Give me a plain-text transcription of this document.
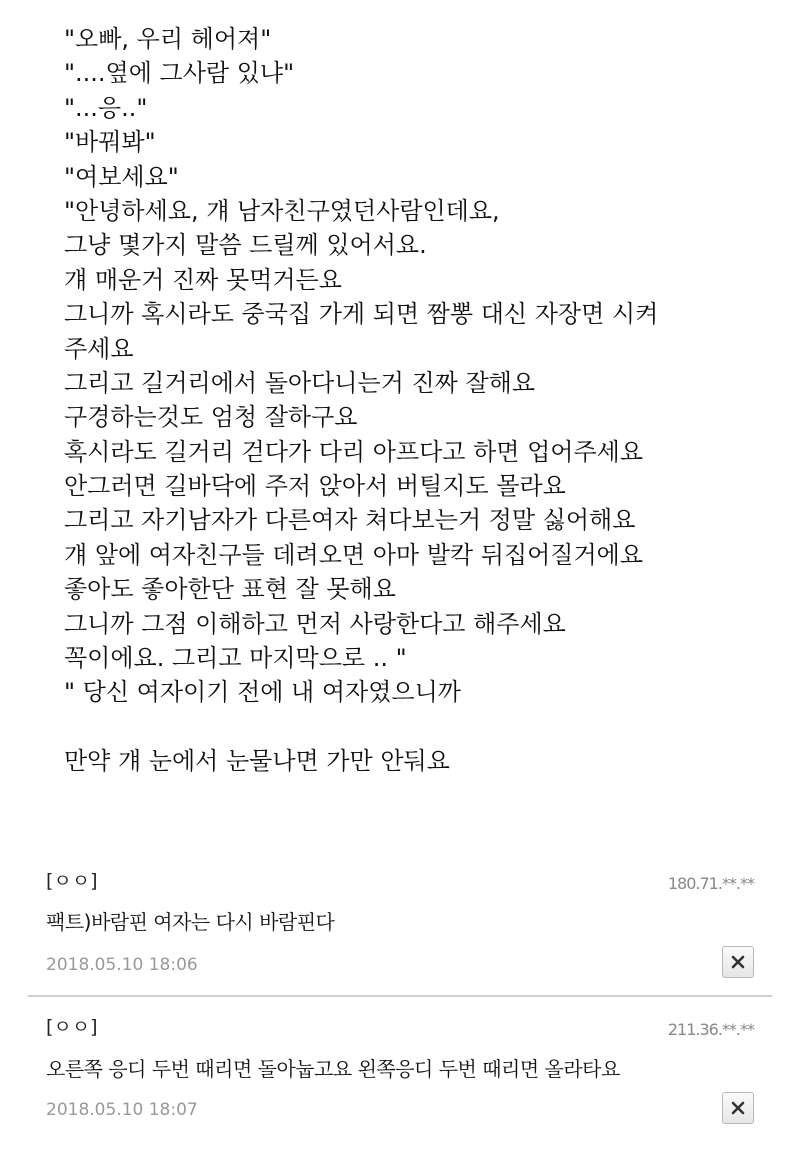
"오빠, 우리 헤어져"
"....옆에 그사람 있냐"
"...응.."
"바꿔봐"
"여보세요"
"안녕하세요, 걔 남자친구였던사람인데요,
그냥 몇가지 말씀 드릴께 있어서요.
걔 매운거 진짜 못먹거든요
그니까 혹시라도 중국집 가게 되면 짬뽕 대신 자장면 시켜
주세요
그리고 길거리에서 돌아다니는거 진짜 잘해요
구경하는것도 엄청 잘하구요
혹시라도 길거리 걷다가 다리 아프다고 하면 업어주세요
안그러면 길바닥에 주저 앉아서 버틸지도 몰라요
그리고 자기남자가 다른여자 쳐다보는거 정말 싫어해요
걔 앞에 여자친구들 데려오면 아마 발칵 뒤집어질거에요
좋아도 좋아한단 표현 잘 못해요
그니까 그점 이해하고 먼저 사랑한다고 해주세요
꼭이에요. 그리고 마지막으로 .. "
" 당신 여자이기 전에 내 여자였으니까
만약 걔 눈에서 눈물나면 가만 안둬요
[ㅇㅇ]	180.71.**.**
팩트)바람핀 여자는 다시 바람핀다
2018.05.10 18:06
[ㅇㅇ]	211.36.**.**
오른쪽 응디 두번 때리면 돌아눕고요 왼쪽응디 두번 때리면 올라타요
2018.05.10 18:07
